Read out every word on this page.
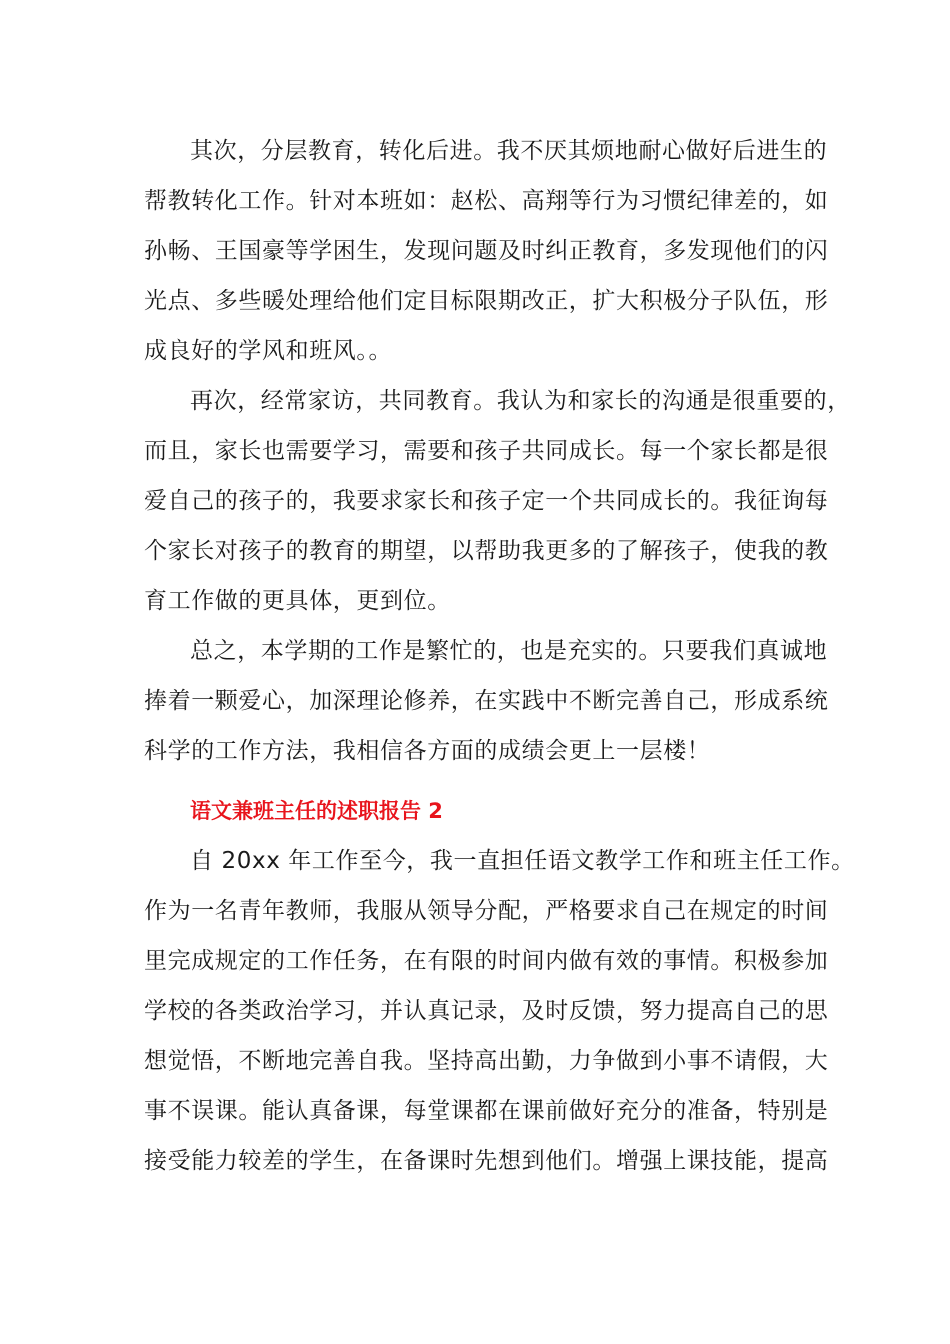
其次，分层教育，转化后进。我不厌其烦地耐心做好后进生的
帮教转化工作。针对本班如：赵松、高翔等行为习惯纪律差的，如
孙畅、王国豪等学困生，发现问题及时纠正教育，多发现他们的闪
光点、多些暖处理给他们定目标限期改正，扩大积极分子队伍，形
成良好的学风和班风。。
再次，经常家访，共同教育。我认为和家长的沟通是很重要的，
而且，家长也需要学习，需要和孩子共同成长。每一个家长都是很
爱自己的孩子的，我要求家长和孩子定一个共同成长的。我征询每
个家长对孩子的教育的期望，以帮助我更多的了解孩子，使我的教
育工作做的更具体，更到位。
总之，本学期的工作是繁忙的，也是充实的。只要我们真诚地
捧着一颗爱心，加深理论修养，在实践中不断完善自己，形成系统
科学的工作方法，我相信各方面的成绩会更上一层楼！
语文兼班主任的述职报告 2
自 20xx 年工作至今，我一直担任语文教学工作和班主任工作。
作为一名青年教师，我服从领导分配，严格要求自己在规定的时间
里完成规定的工作任务，在有限的时间内做有效的事情。积极参加
学校的各类政治学习，并认真记录，及时反馈，努力提高自己的思
想觉悟，不断地完善自我。坚持高出勤，力争做到小事不请假，大
事不误课。能认真备课，每堂课都在课前做好充分的准备，特别是
接受能力较差的学生，在备课时先想到他们。增强上课技能，提高
